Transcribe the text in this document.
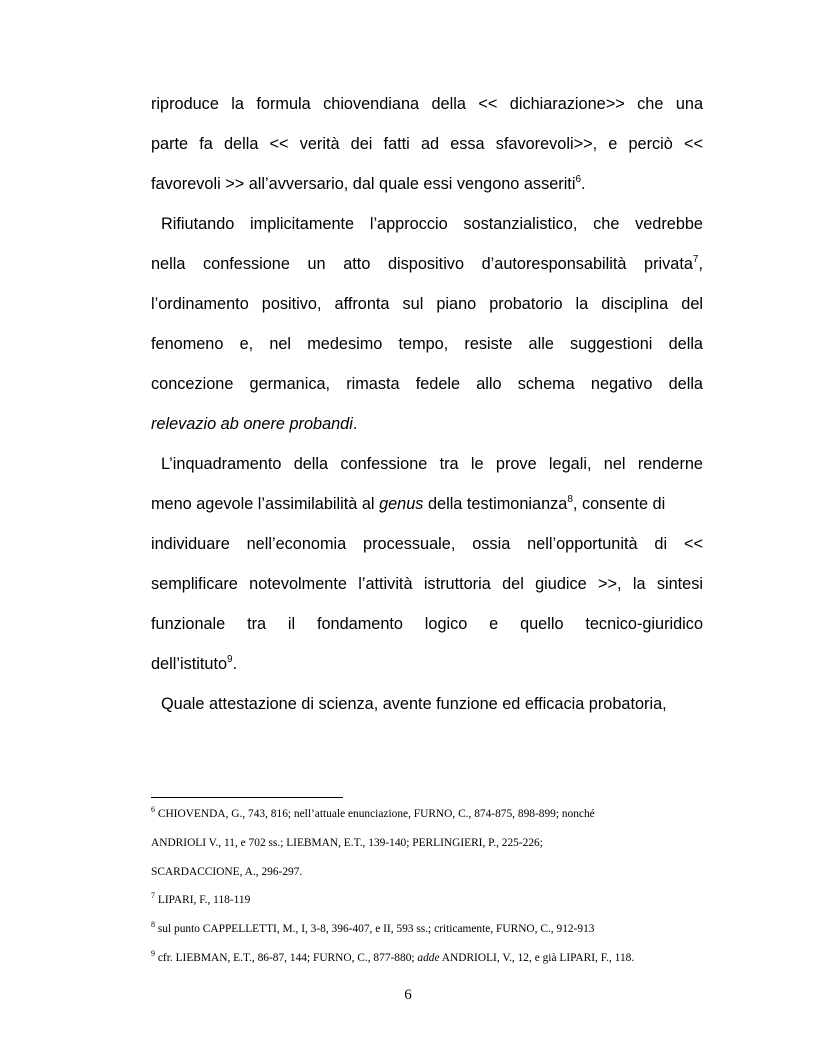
riproduce la formula chiovendiana della << dichiarazione>> che una
parte fa della << verità dei fatti ad essa sfavorevoli>>, e perciò <<
favorevoli >> all’avversario, dal quale essi vengono asseriti$^6$.
Rifiutando implicitamente l’approccio sostanzialistico, che vedrebbe
nella confessione un atto dispositivo d’autoresponsabilità privata$^7$,
l’ordinamento positivo, affronta sul piano probatorio la disciplina del
fenomeno e, nel medesimo tempo, resiste alle suggestioni della
concezione germanica, rimasta fedele allo schema negativo della
relevazio ab onere probandi.
L’inquadramento della confessione tra le prove legali, nel renderne
meno agevole l’assimilabilità al genus della testimonianza$^8$, consente di
individuare nell’economia processuale, ossia nell’opportunità di <<
semplificare notevolmente l’attività istruttoria del giudice >>, la sintesi
funzionale tra il fondamento logico e quello tecnico-giuridico
dell’istituto$^9$.
Quale attestazione di scienza, avente funzione ed efficacia probatoria,
$^6$ CHIOVENDA, G., 743, 816; nell’attuale enunciazione, FURNO, C., 874-875, 898-899; nonché
ANDRIOLI V., 11, e 702 ss.; LIEBMAN, E.T., 139-140; PERLINGIERI, P., 225-226;
SCARDACCIONE, A., 296-297.
$^7$ LIPARI, F., 118-119
$^8$ sul punto CAPPELLETTI, M., I, 3-8, 396-407, e II, 593 ss.; criticamente, FURNO, C., 912-913
$^9$ cfr. LIEBMAN, E.T., 86-87, 144; FURNO, C., 877-880; adde ANDRIOLI, V., 12, e già LIPARI, F., 118.
6
